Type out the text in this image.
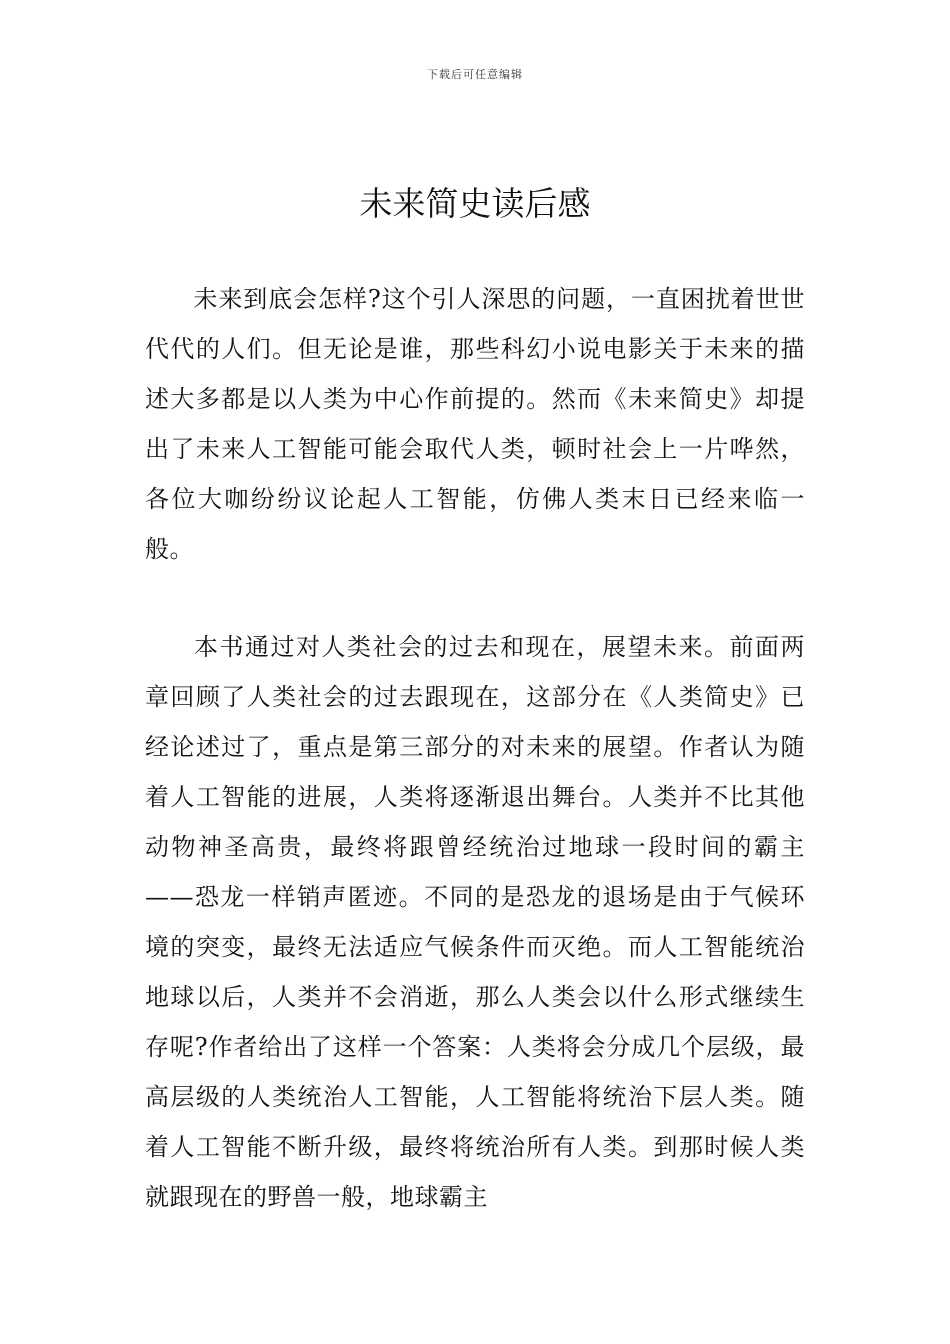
下载后可任意编辑
未来简史读后感

未来到底会怎样?这个引人深思的问题，一直困扰着世世代代的人们。但无论是谁，那些科幻小说电影关于未来的描述大多都是以人类为中心作前提的。然而《未来简史》却提出了未来人工智能可能会取代人类，顿时社会上一片哗然，各位大咖纷纷议论起人工智能，仿佛人类末日已经来临一般。

本书通过对人类社会的过去和现在，展望未来。前面两章回顾了人类社会的过去跟现在，这部分在《人类简史》已经论述过了，重点是第三部分的对未来的展望。作者认为随着人工智能的进展，人类将逐渐退出舞台。人类并不比其他动物神圣高贵，最终将跟曾经统治过地球一段时间的霸主——恐龙一样销声匿迹。不同的是恐龙的退场是由于气候环境的突变，最终无法适应气候条件而灭绝。而人工智能统治地球以后，人类并不会消逝，那么人类会以什么形式继续生存呢?作者给出了这样一个答案：人类将会分成几个层级，最高层级的人类统治人工智能，人工智能将统治下层人类。随着人工智能不断升级，最终将统治所有人类。到那时候人类就跟现在的野兽一般，地球霸主
